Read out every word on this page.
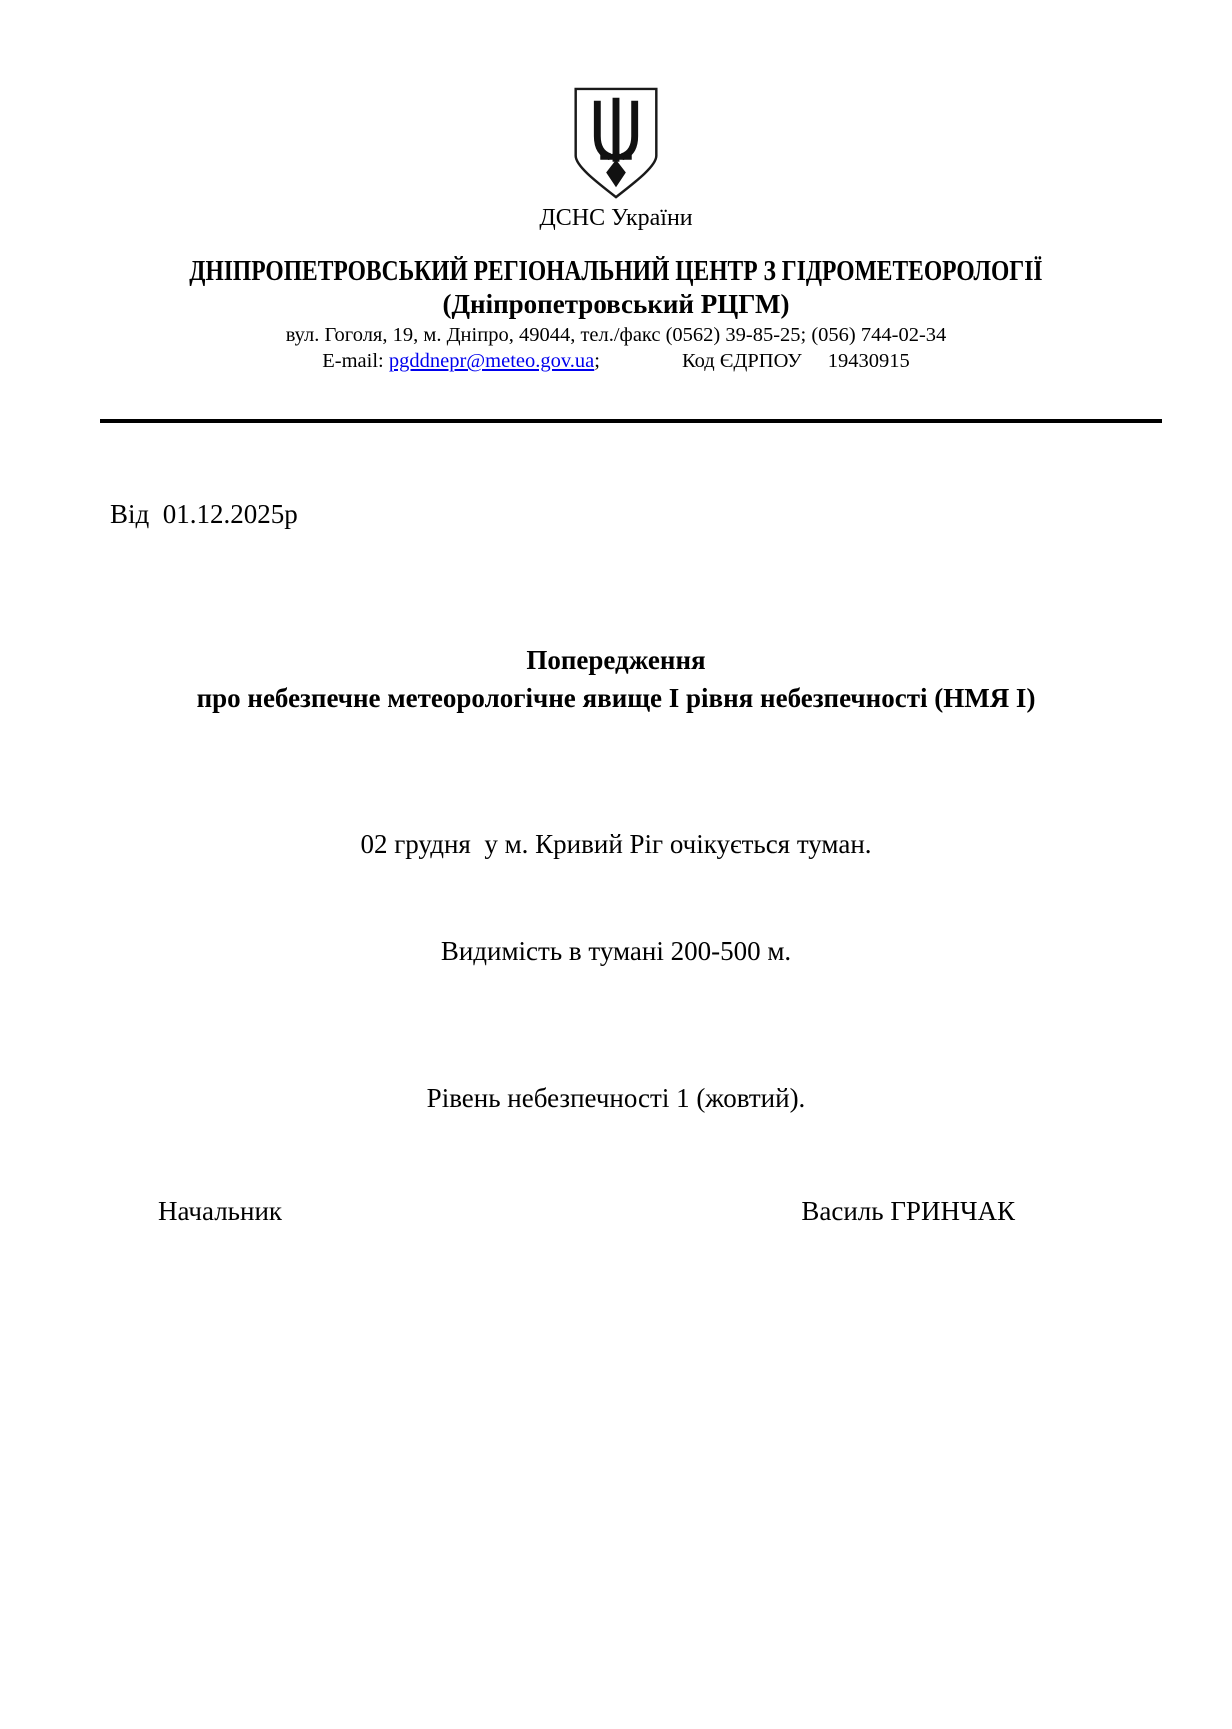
ДСНС України
ДНІПРОПЕТРОВСЬКИЙ РЕГІОНАЛЬНИЙ ЦЕНТР З ГІДРОМЕТЕОРОЛОГІЇ
(Дніпропетровський РЦГМ)
вул. Гоголя, 19, м. Дніпро, 49044, тел./факс (0562) 39-85-25; (056) 744-02-34
E-mail: pgddnepr@meteo.gov.ua;	Код ЄДРПОУ 19430915
Від  01.12.2025р
Попередження
про небезпечне метеорологічне явище І рівня небезпечності (НМЯ І)

02 грудня  у м. Кривий Ріг очікується туман.

Видимість в тумані 200-500 м.

Рівень небезпечності 1 (жовтий).
Начальник	Василь ГРИНЧАК
